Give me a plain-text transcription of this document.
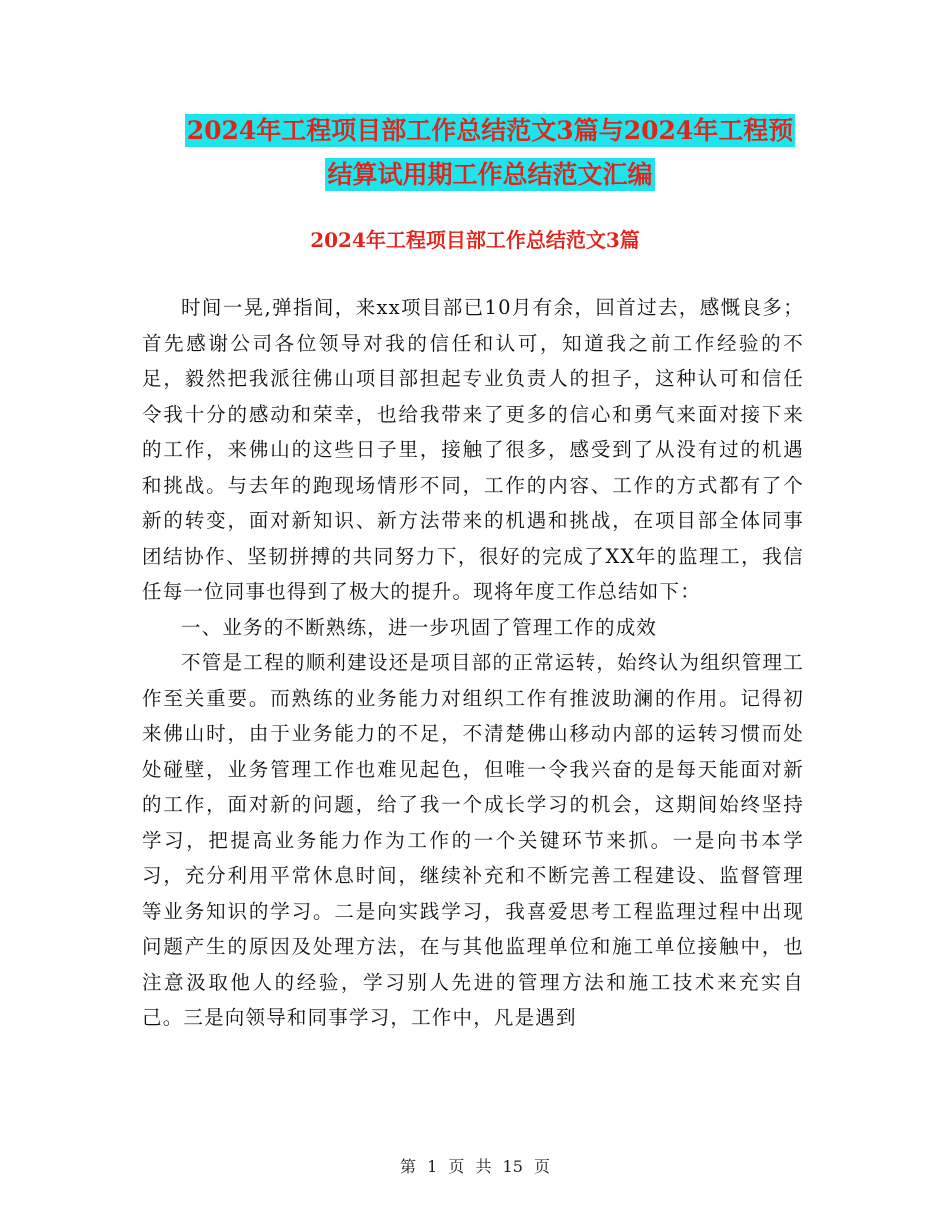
2024年工程项目部工作总结范文3篇与2024年工程预
结算试用期工作总结范文汇编
2024年工程项目部工作总结范文3篇

时间一晃,弹指间，来xx项目部已10月有余，回首过去，感慨良多；首先感谢公司各位领导对我的信任和认可，知道我之前工作经验的不足，毅然把我派往佛山项目部担起专业负责人的担子，这种认可和信任令我十分的感动和荣幸，也给我带来了更多的信心和勇气来面对接下来的工作，来佛山的这些日子里，接触了很多，感受到了从没有过的机遇和挑战。与去年的跑现场情形不同，工作的内容、工作的方式都有了个新的转变，面对新知识、新方法带来的机遇和挑战，在项目部全体同事团结协作、坚韧拼搏的共同努力下，很好的完成了XX年的监理工，我信任每一位同事也得到了极大的提升。现将年度工作总结如下：

一、业务的不断熟练，进一步巩固了管理工作的成效

不管是工程的顺利建设还是项目部的正常运转，始终认为组织管理工作至关重要。而熟练的业务能力对组织工作有推波助澜的作用。记得初来佛山时，由于业务能力的不足，不清楚佛山移动内部的运转习惯而处处碰壁，业务管理工作也难见起色，但唯一令我兴奋的是每天能面对新的工作，面对新的问题，给了我一个成长学习的机会，这期间始终坚持学习，把提高业务能力作为工作的一个关键环节来抓。一是向书本学习，充分利用平常休息时间，继续补充和不断完善工程建设、监督管理等业务知识的学习。二是向实践学习，我喜爱思考工程监理过程中出现问题产生的原因及处理方法，在与其他监理单位和施工单位接触中，也注意汲取他人的经验，学习别人先进的管理方法和施工技术来充实自己。三是向领导和同事学习，工作中，凡是遇到

第 1 页 共 15 页
